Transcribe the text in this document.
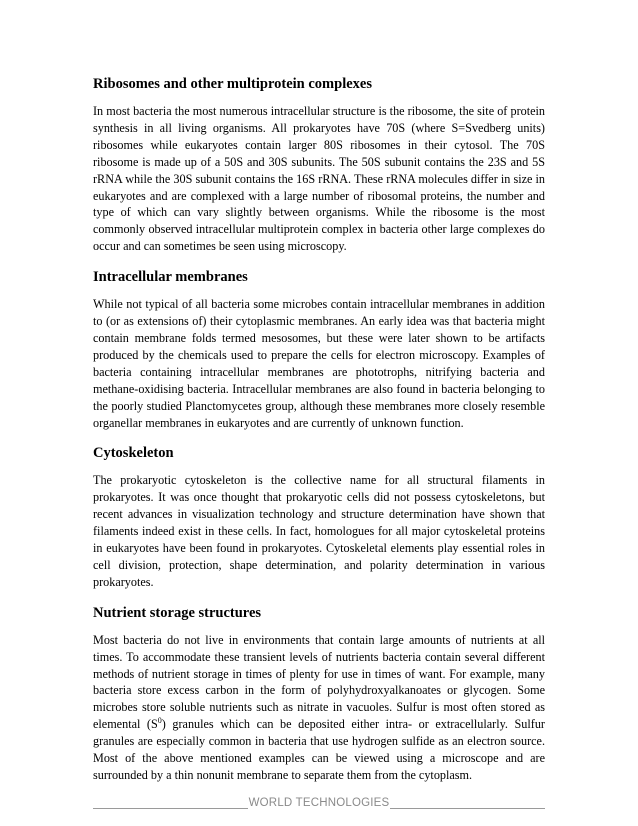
Ribosomes and other multiprotein complexes

In most bacteria the most numerous intracellular structure is the ribosome, the site of protein synthesis in all living organisms. All prokaryotes have 70S (where S=Svedberg units) ribosomes while eukaryotes contain larger 80S ribosomes in their cytosol. The 70S ribosome is made up of a 50S and 30S subunits. The 50S subunit contains the 23S and 5S rRNA while the 30S subunit contains the 16S rRNA. These rRNA molecules differ in size in eukaryotes and are complexed with a large number of ribosomal proteins, the number and type of which can vary slightly between organisms. While the ribosome is the most commonly observed intracellular multiprotein complex in bacteria other large complexes do occur and can sometimes be seen using microscopy.

Intracellular membranes

While not typical of all bacteria some microbes contain intracellular membranes in addition to (or as extensions of) their cytoplasmic membranes. An early idea was that bacteria might contain membrane folds termed mesosomes, but these were later shown to be artifacts produced by the chemicals used to prepare the cells for electron microscopy. Examples of bacteria containing intracellular membranes are phototrophs, nitrifying bacteria and methane-oxidising bacteria. Intracellular membranes are also found in bacteria belonging to the poorly studied Planctomycetes group, although these membranes more closely resemble organellar membranes in eukaryotes and are currently of unknown function.

Cytoskeleton

The prokaryotic cytoskeleton is the collective name for all structural filaments in prokaryotes. It was once thought that prokaryotic cells did not possess cytoskeletons, but recent advances in visualization technology and structure determination have shown that filaments indeed exist in these cells. In fact, homologues for all major cytoskeletal proteins in eukaryotes have been found in prokaryotes. Cytoskeletal elements play essential roles in cell division, protection, shape determination, and polarity determination in various prokaryotes.

Nutrient storage structures

Most bacteria do not live in environments that contain large amounts of nutrients at all times. To accommodate these transient levels of nutrients bacteria contain several different methods of nutrient storage in times of plenty for use in times of want. For example, many bacteria store excess carbon in the form of polyhydroxyalkanoates or glycogen. Some microbes store soluble nutrients such as nitrate in vacuoles. Sulfur is most often stored as elemental $(S^0)$ granules which can be deposited either intra- or extracellularly. Sulfur granules are especially common in bacteria that use hydrogen sulfide as an electron source. Most of the above mentioned examples can be viewed using a microscope and are surrounded by a thin nonunit membrane to separate them from the cytoplasm.

WORLD TECHNOLOGIES
